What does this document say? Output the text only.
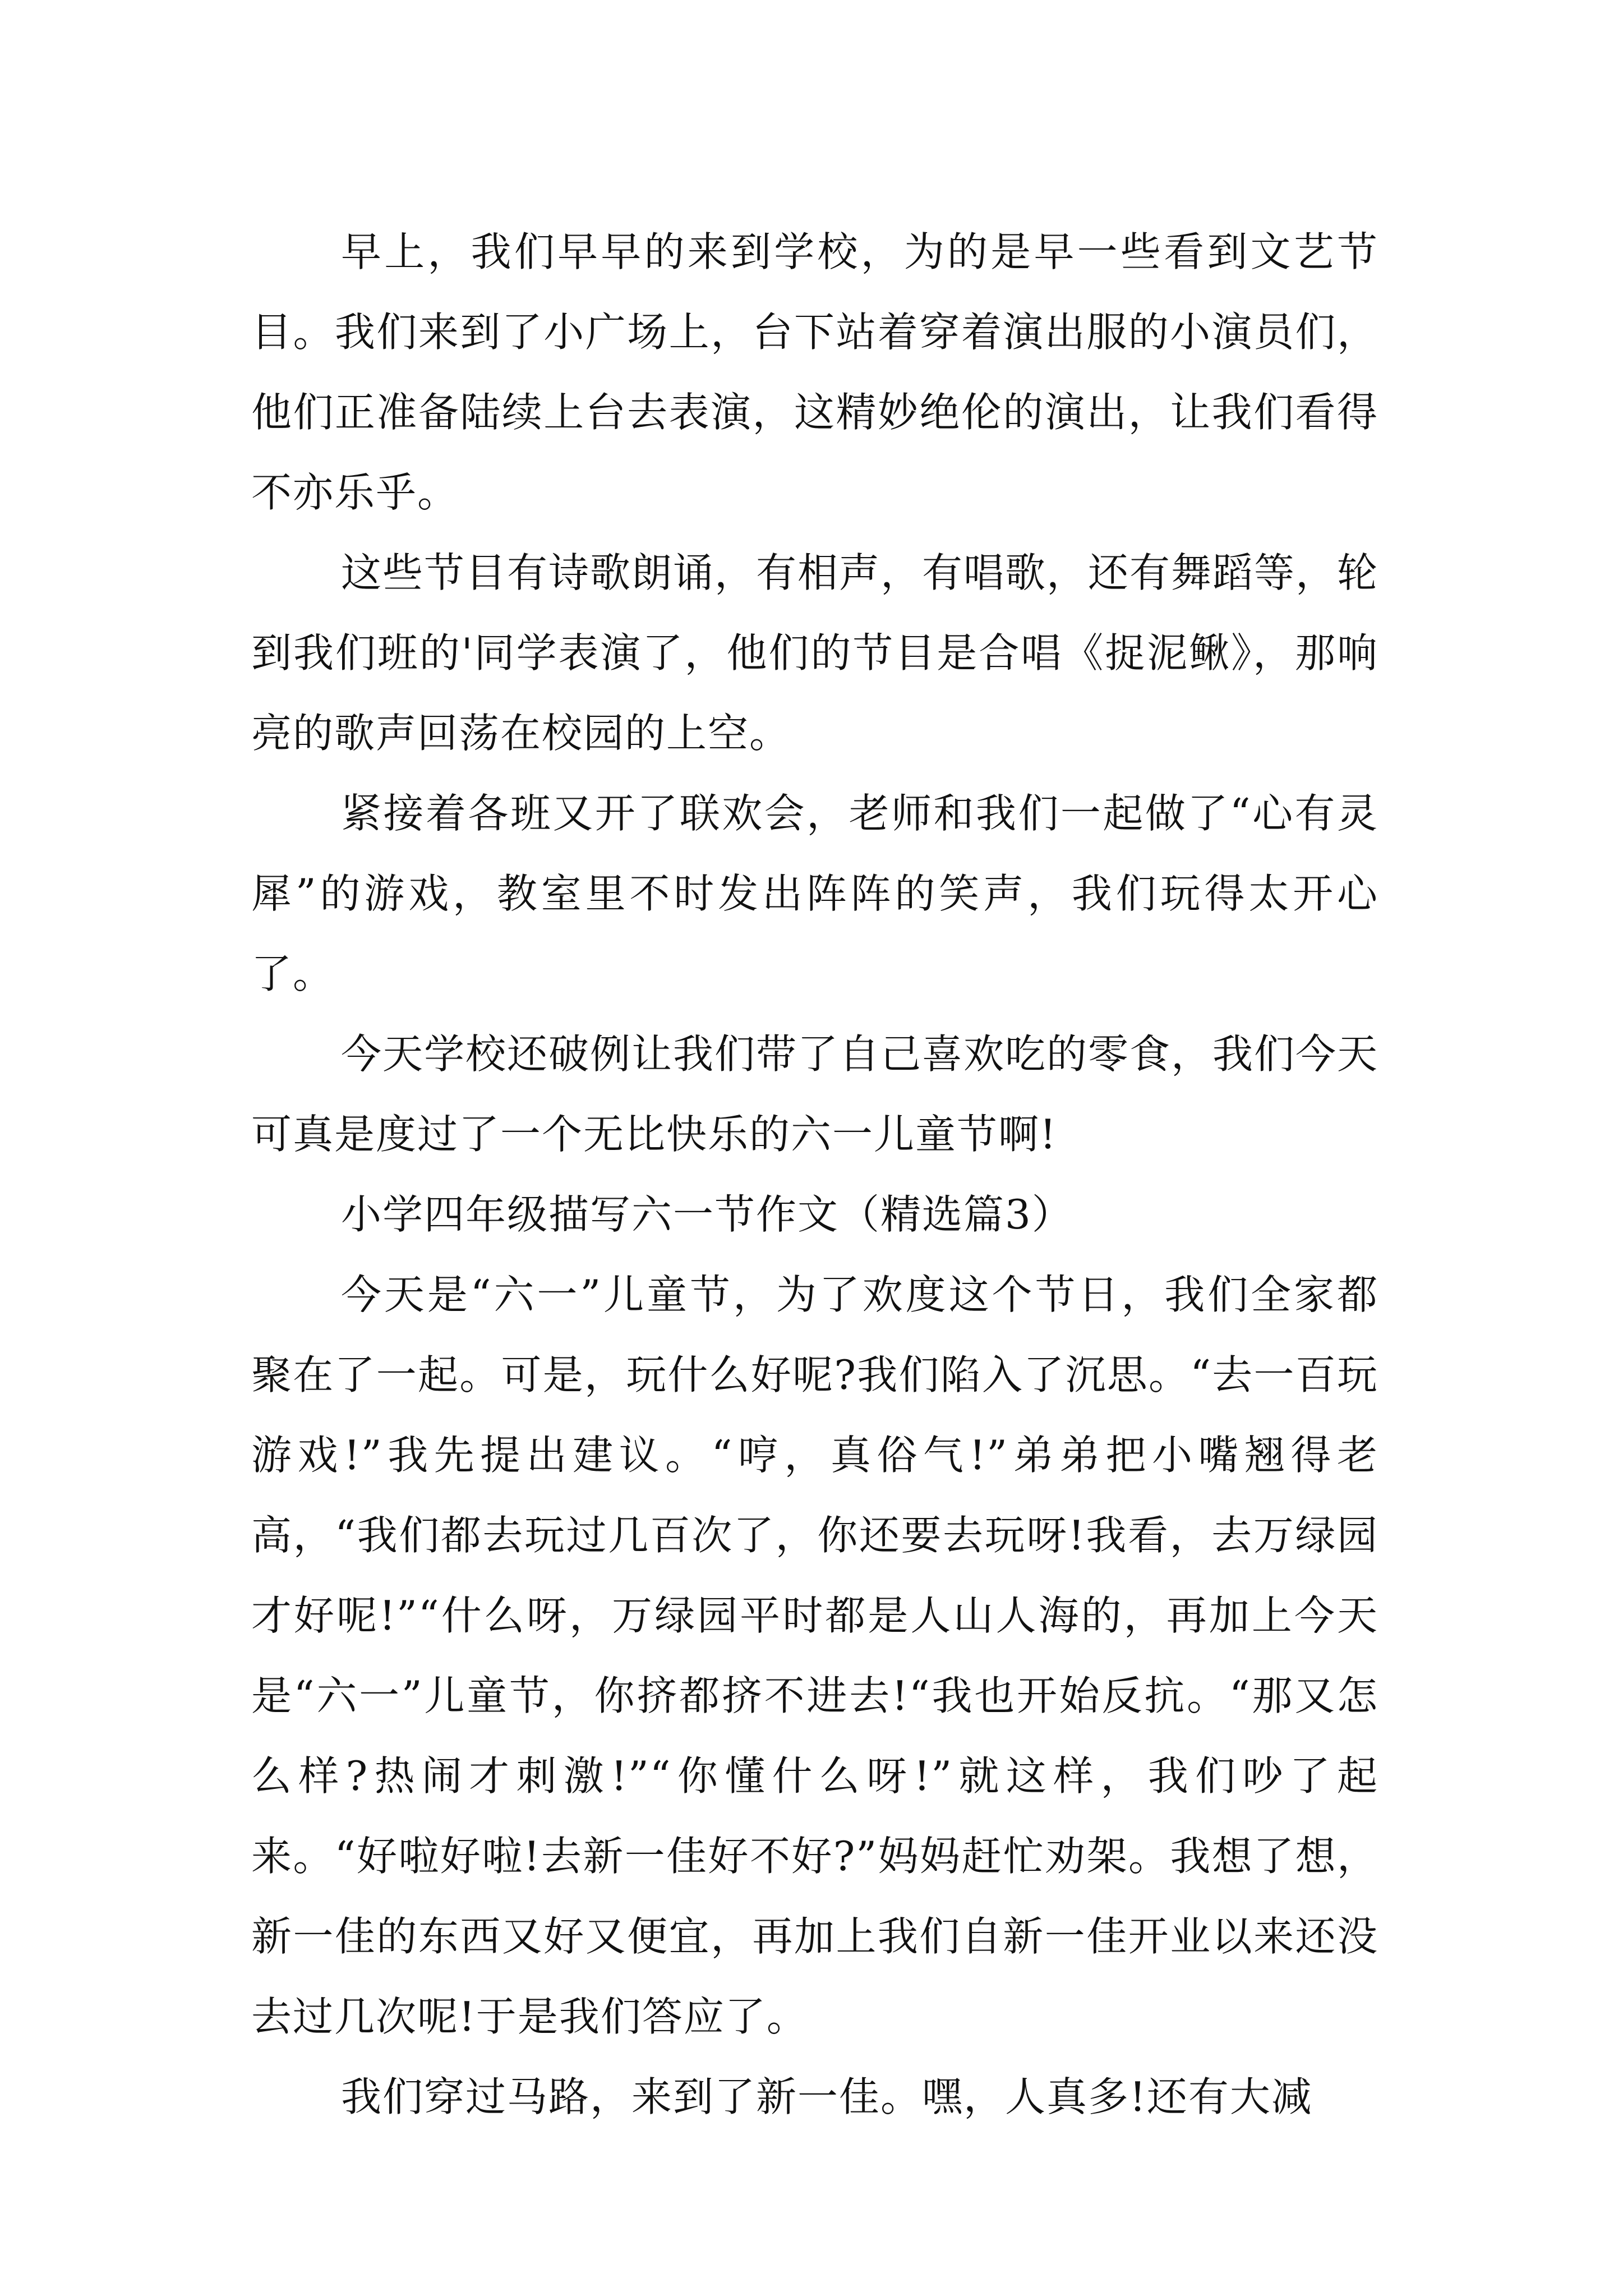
早上，我们早早的来到学校，为的是早一些看到文艺节目。我们来到了小广场上，台下站着穿着演出服的小演员们，他们正准备陆续上台去表演，这精妙绝伦的演出，让我们看得不亦乐乎。

这些节目有诗歌朗诵，有相声，有唱歌，还有舞蹈等，轮到我们班的'同学表演了，他们的节目是合唱《捉泥鳅》，那响亮的歌声回荡在校园的上空。

紧接着各班又开了联欢会，老师和我们一起做了“心有灵犀”的游戏，教室里不时发出阵阵的笑声，我们玩得太开心了。

今天学校还破例让我们带了自己喜欢吃的零食，我们今天可真是度过了一个无比快乐的六一儿童节啊!

小学四年级描写六一节作文（精选篇3）

今天是“六一”儿童节，为了欢度这个节日，我们全家都聚在了一起。可是，玩什么好呢?我们陷入了沉思。“去一百玩游戏!”我先提出建议。“哼，真俗气!”弟弟把小嘴翘得老高，“我们都去玩过几百次了，你还要去玩呀!我看，去万绿园才好呢!”“什么呀，万绿园平时都是人山人海的，再加上今天是“六一”儿童节，你挤都挤不进去!“我也开始反抗。“那又怎么样?热闹才刺激!”“你懂什么呀!”就这样，我们吵了起来。“好啦好啦!去新一佳好不好?”妈妈赶忙劝架。我想了想，新一佳的东西又好又便宜，再加上我们自新一佳开业以来还没去过几次呢!于是我们答应了。

我们穿过马路，来到了新一佳。嘿，人真多!还有大减
